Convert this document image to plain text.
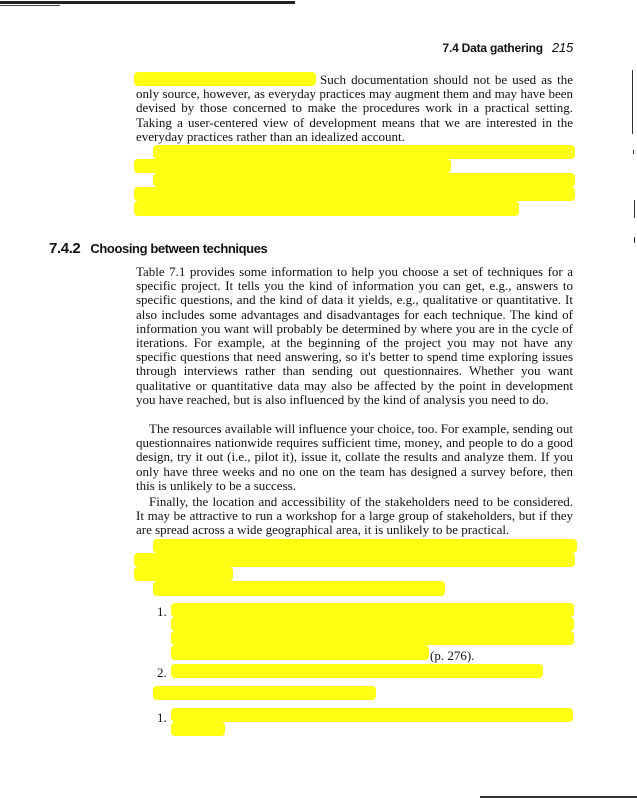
7.4 Data gathering 215
Such documentation should not be used as the
only source, however, as everyday practices may augment them and may have been
devised by those concerned to make the procedures work in a practical setting.
Taking a user-centered view of development means that we are interested in the
everyday practices rather than an idealized account.
7.4.2 Choosing between techniques
Table 7.1 provides some information to help you choose a set of techniques for a specific project. It tells you the kind of information you can get, e.g., answers to specific questions, and the kind of data it yields, e.g., qualitative or quantitative. It also includes some advantages and disadvantages for each technique. The kind of information you want will probably be determined by where you are in the cycle of iterations. For example, at the beginning of the project you may not have any specific questions that need answering, so it's better to spend time exploring issues through interviews rather than sending out questionnaires. Whether you want qualitative or quantitative data may also be affected by the point in development you have reached, but is also influenced by the kind of analysis you need to do.
The resources available will influence your choice, too. For example, sending out questionnaires nationwide requires sufficient time, money, and people to do a good design, try it out (i.e., pilot it), issue it, collate the results and analyze them. If you only have three weeks and no one on the team has designed a survey before, then this is unlikely to be a success.
Finally, the location and accessibility of the stakeholders need to be considered. It may be attractive to run a workshop for a large group of stakeholders, but if they are spread across a wide geographical area, it is unlikely to be practical.
1.
(p. 276).
2.
1.
